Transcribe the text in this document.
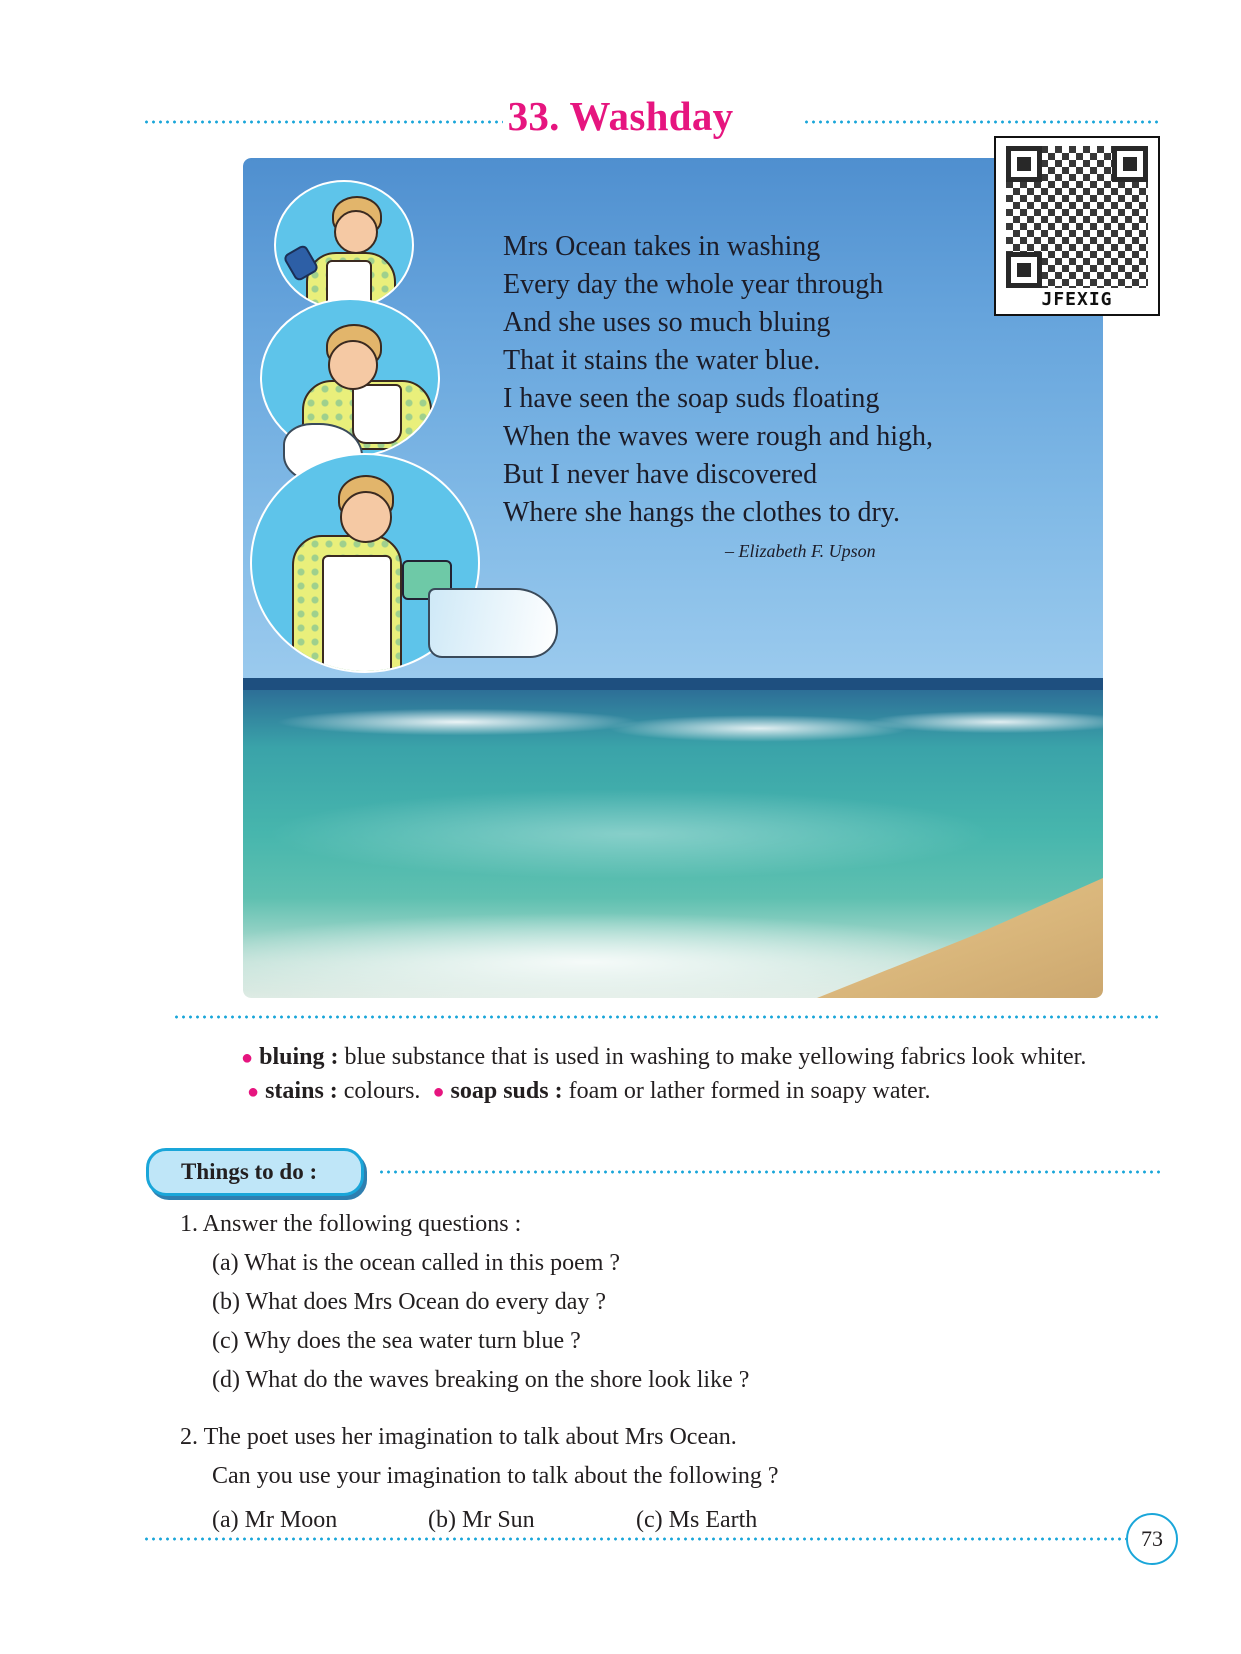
33. Washday
Mrs Ocean takes in washing
Every day the whole year through
And she uses so much bluing
That it stains the water blue.
I have seen the soap suds floating
When the waves were rough and high,
But I never have discovered
Where she hangs the clothes to dry.
– Elizabeth F. Upson
JFEXIG
● bluing : blue substance that is used in washing to make yellowing fabrics look whiter.  ● stains : colours. ● soap suds : foam or lather formed in soapy water.
Things to do :
1. Answer the following questions :
(a) What is the ocean called in this poem ?
(b) What does Mrs Ocean do every day ?
(c) Why does the sea water turn blue ?
(d) What do the waves breaking on the shore look like ?
2. The poet uses her imagination to talk about Mrs Ocean.
Can you use your imagination to talk about the following ?
(a) Mr Moon	(b) Mr Sun	(c) Ms Earth
73
